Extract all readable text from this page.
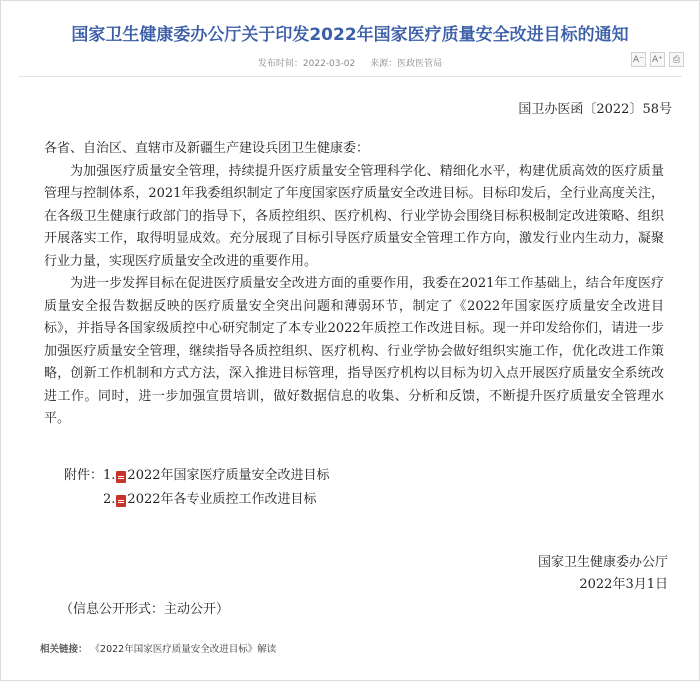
国家卫生健康委办公厅关于印发2022年国家医疗质量安全改进目标的通知
发布时间：2022-03-02 来源：医政医管局	A⁻ A⁺	⎙
国卫办医函〔2022〕58号

各省、自治区、直辖市及新疆生产建设兵团卫生健康委：

为加强医疗质量安全管理，持续提升医疗质量安全管理科学化、精细化水平，构建优质高效的医疗质量管理与控制体系，2021年我委组织制定了年度国家医疗质量安全改进目标。目标印发后，全行业高度关注，在各级卫生健康行政部门的指导下，各质控组织、医疗机构、行业学协会围绕目标积极制定改进策略、组织开展落实工作，取得明显成效。充分展现了目标引导医疗质量安全管理工作方向，激发行业内生动力，凝聚行业力量，实现医疗质量安全改进的重要作用。

为进一步发挥目标在促进医疗质量安全改进方面的重要作用，我委在2021年工作基础上，结合年度医疗质量安全报告数据反映的医疗质量安全突出问题和薄弱环节，制定了《2022年国家医疗质量安全改进目标》，并指导各国家级质控中心研究制定了本专业2022年质控工作改进目标。现一并印发给你们，请进一步加强医疗质量安全管理，继续指导各质控组织、医疗机构、行业学协会做好组织实施工作，优化改进工作策略，创新工作机制和方式方法，深入推进目标管理，指导医疗机构以目标为切入点开展医疗质量安全系统改进工作。同时，进一步加强宣贯培训，做好数据信息的收集、分析和反馈，不断提升医疗质量安全管理水平。

附件： 1. 2022年国家医疗质量安全改进目标
2. 2022年各专业质控工作改进目标
国家卫生健康委办公厅
2022年3月1日
（信息公开形式：主动公开）
相关链接： 《2022年国家医疗质量安全改进目标》解读
